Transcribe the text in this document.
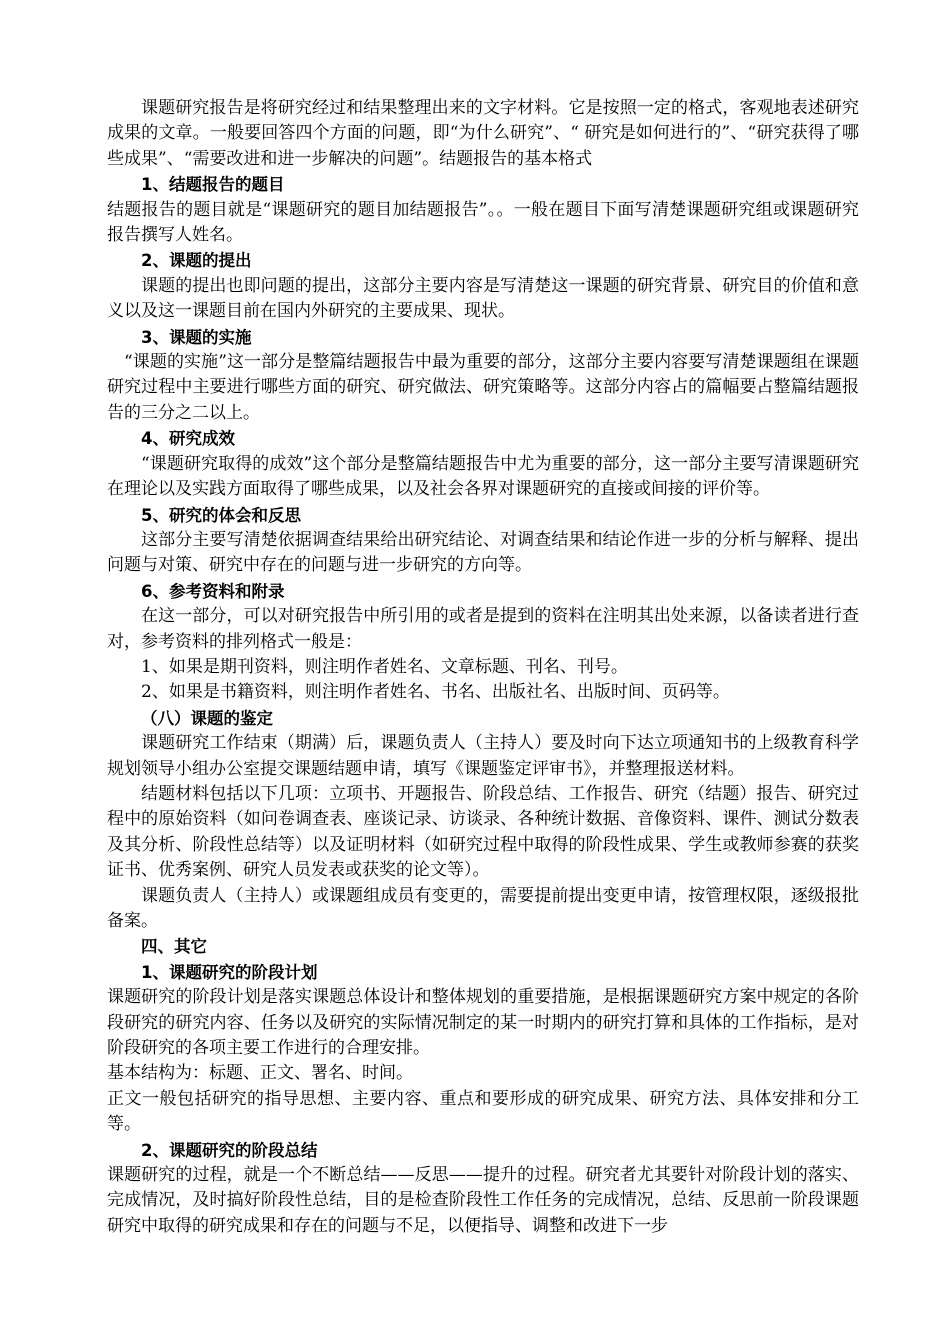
课题研究报告是将研究经过和结果整理出来的文字材料。它是按照一定的格式，客观地表述研究成果的文章。一般要回答四个方面的问题，即“为什么研究”、“ 研究是如何进行的”、“研究获得了哪些成果”、“需要改进和进一步解决的问题”。结题报告的基本格式

1、结题报告的题目

结题报告的题目就是“课题研究的题目加结题报告”。。一般在题目下面写清楚课题研究组或课题研究报告撰写人姓名。

2、课题的提出

课题的提出也即问题的提出，这部分主要内容是写清楚这一课题的研究背景、研究目的价值和意义以及这一课题目前在国内外研究的主要成果、现状。

3、课题的实施

“课题的实施”这一部分是整篇结题报告中最为重要的部分，这部分主要内容要写清楚课题组在课题研究过程中主要进行哪些方面的研究、研究做法、研究策略等。这部分内容占的篇幅要占整篇结题报告的三分之二以上。

4、研究成效

“课题研究取得的成效”这个部分是整篇结题报告中尤为重要的部分，这一部分主要写清课题研究在理论以及实践方面取得了哪些成果，以及社会各界对课题研究的直接或间接的评价等。

5、研究的体会和反思

这部分主要写清楚依据调查结果给出研究结论、对调查结果和结论作进一步的分析与解释、提出问题与对策、研究中存在的问题与进一步研究的方向等。

6、参考资料和附录

在这一部分，可以对研究报告中所引用的或者是提到的资料在注明其出处来源，以备读者进行查对，参考资料的排列格式一般是：

1、如果是期刊资料，则注明作者姓名、文章标题、刊名、刊号。

2、如果是书籍资料，则注明作者姓名、书名、出版社名、出版时间、页码等。

（八）课题的鉴定

课题研究工作结束（期满）后，课题负责人（主持人）要及时向下达立项通知书的上级教育科学规划领导小组办公室提交课题结题申请，填写《课题鉴定评审书》，并整理报送材料。

结题材料包括以下几项：立项书、开题报告、阶段总结、工作报告、研究（结题）报告、研究过程中的原始资料（如问卷调查表、座谈记录、访谈录、各种统计数据、音像资料、课件、测试分数表及其分析、阶段性总结等）以及证明材料（如研究过程中取得的阶段性成果、学生或教师参赛的获奖证书、优秀案例、研究人员发表或获奖的论文等）。

课题负责人（主持人）或课题组成员有变更的，需要提前提出变更申请，按管理权限，逐级报批备案。

四、其它

1、课题研究的阶段计划

课题研究的阶段计划是落实课题总体设计和整体规划的重要措施，是根据课题研究方案中规定的各阶段研究的研究内容、任务以及研究的实际情况制定的某一时期内的研究打算和具体的工作指标，是对阶段研究的各项主要工作进行的合理安排。

基本结构为：标题、正文、署名、时间。

正文一般包括研究的指导思想、主要内容、重点和要形成的研究成果、研究方法、具体安排和分工等。

2、课题研究的阶段总结

课题研究的过程，就是一个不断总结——反思——提升的过程。研究者尤其要针对阶段计划的落实、完成情况，及时搞好阶段性总结，目的是检查阶段性工作任务的完成情况，总结、反思前一阶段课题研究中取得的研究成果和存在的问题与不足，以便指导、调整和改进下一步
